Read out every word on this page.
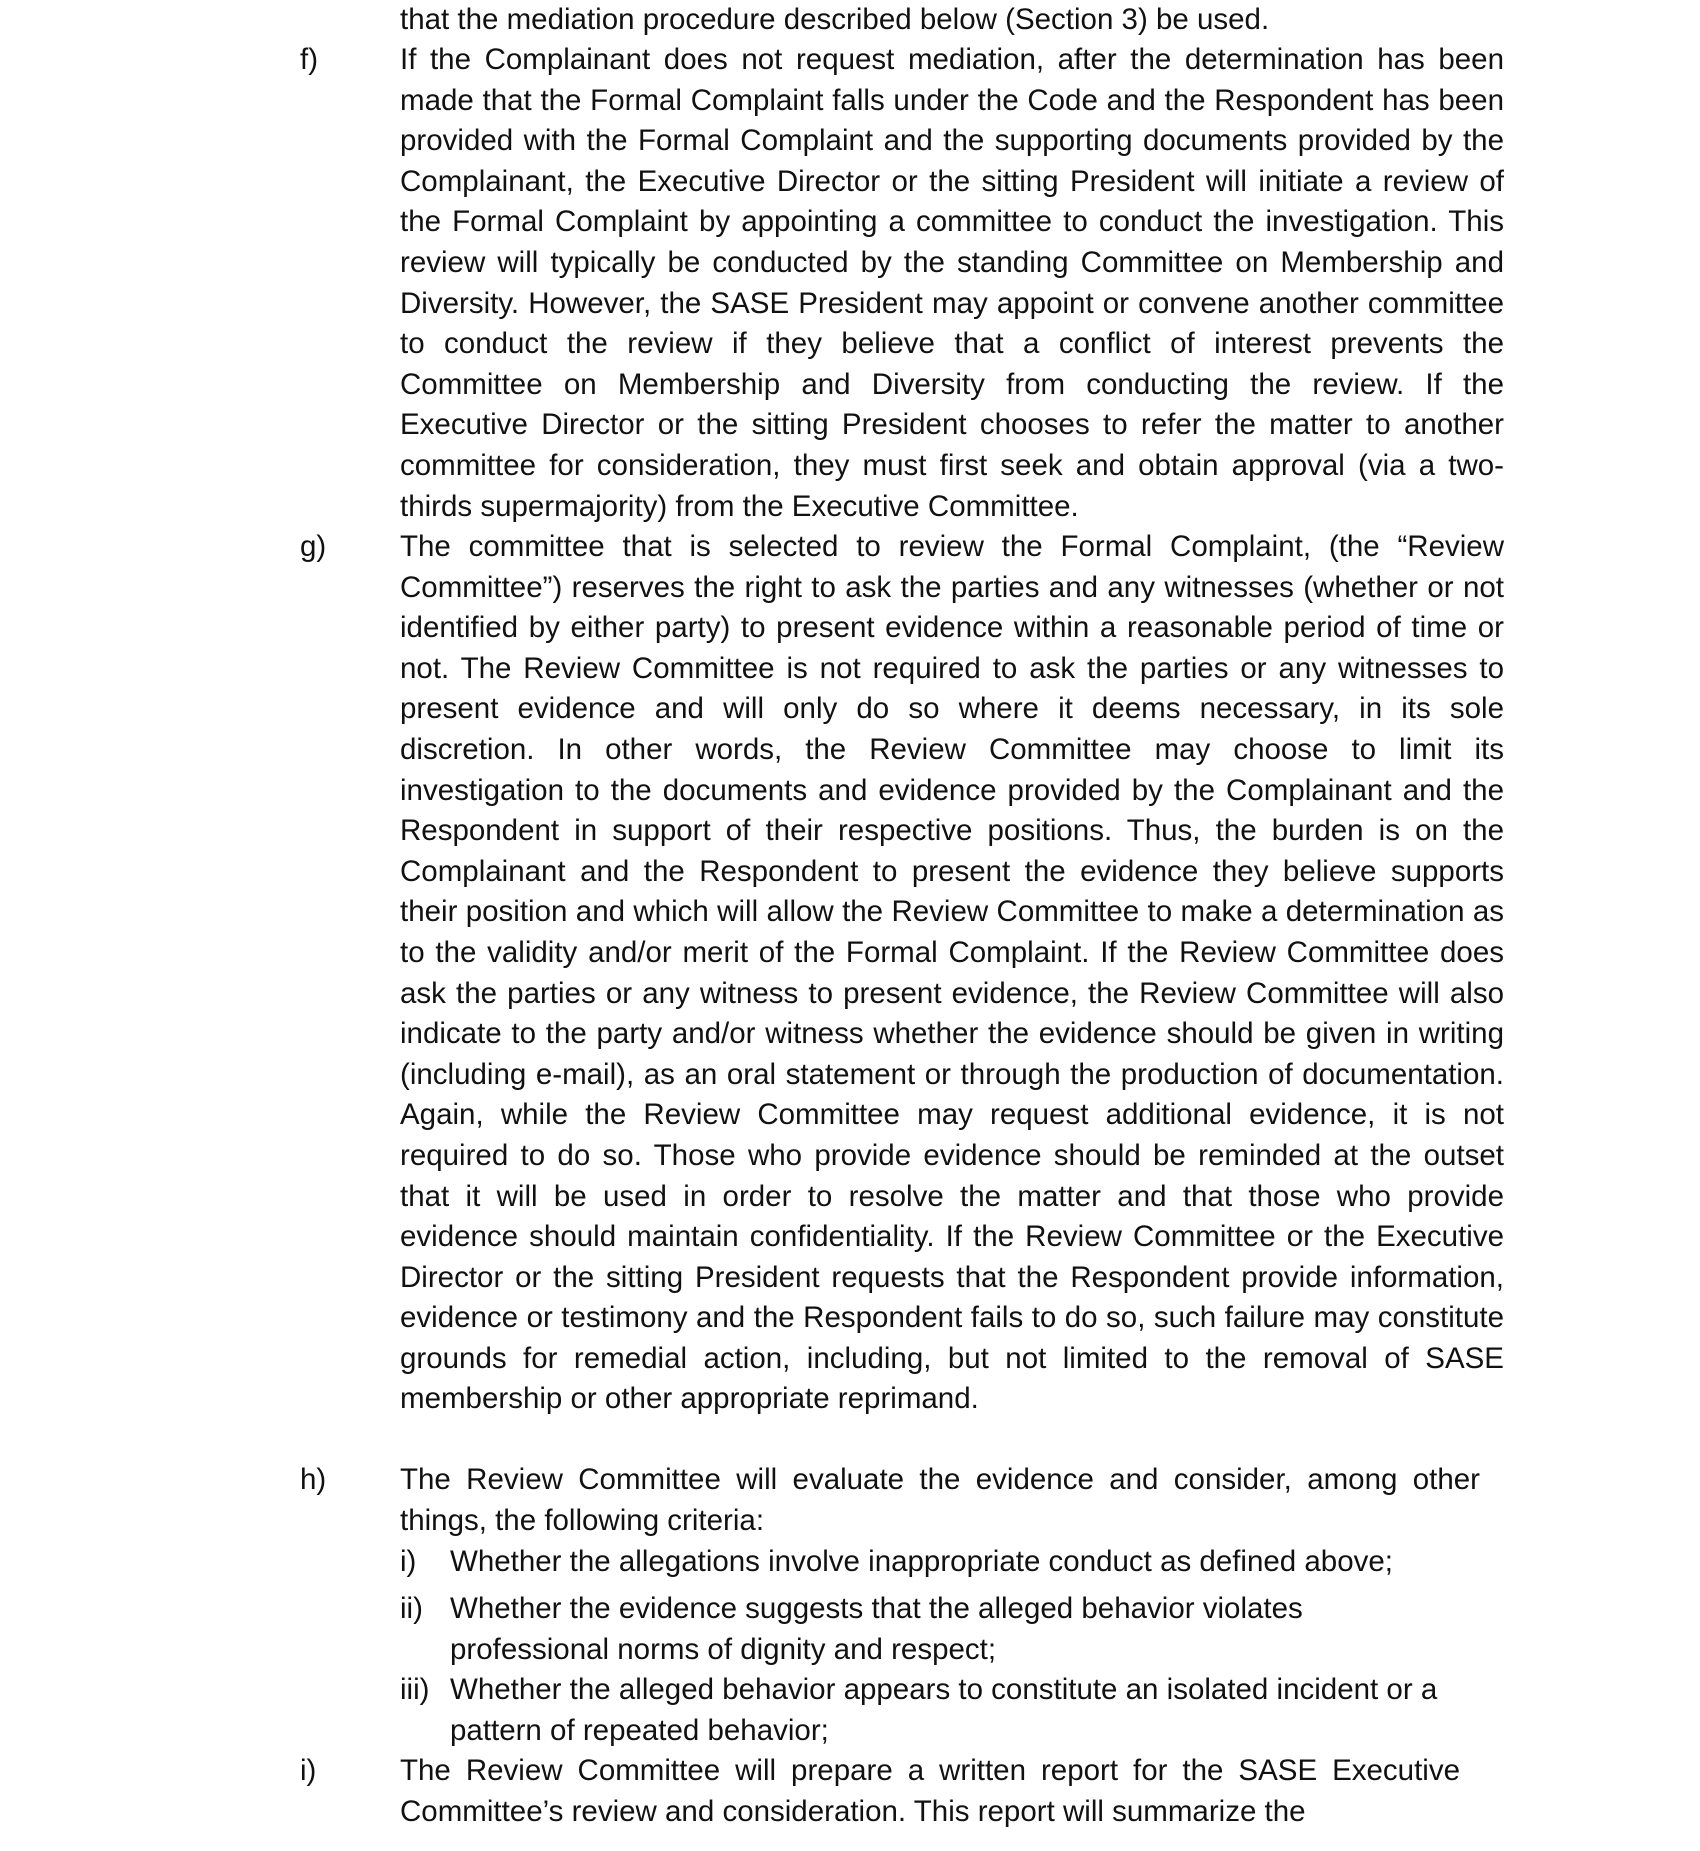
that the mediation procedure described below (Section 3) be used.
f)	If the Complainant does not request mediation, after the determination has been made that the Formal Complaint falls under the Code and the Respondent has been provided with the Formal Complaint and the supporting documents provided by the Complainant, the Executive Director or the sitting President will initiate a review of the Formal Complaint by appointing a committee to conduct the investigation. This review will typically be conducted by the standing Committee on Membership and Diversity. However, the SASE President may appoint or convene another committee to conduct the review if they believe that a conflict of interest prevents the Committee on Membership and Diversity from conducting the review. If the Executive Director or the sitting President chooses to refer the matter to another committee for consideration, they must first seek and obtain approval (via a two-thirds supermajority) from the Executive Committee.
g)	The committee that is selected to review the Formal Complaint, (the “Review Committee”) reserves the right to ask the parties and any witnesses (whether or not identified by either party) to present evidence within a reasonable period of time or not. The Review Committee is not required to ask the parties or any witnesses to present evidence and will only do so where it deems necessary, in its sole discretion. In other words, the Review Committee may choose to limit its investigation to the documents and evidence provided by the Complainant and the Respondent in support of their respective positions. Thus, the burden is on the Complainant and the Respondent to present the evidence they believe supports their position and which will allow the Review Committee to make a determination as to the validity and/or merit of the Formal Complaint. If the Review Committee does ask the parties or any witness to present evidence, the Review Committee will also indicate to the party and/or witness whether the evidence should be given in writing (including e-mail), as an oral statement or through the production of documentation. Again, while the Review Committee may request additional evidence, it is not required to do so. Those who provide evidence should be reminded at the outset that it will be used in order to resolve the matter and that those who provide evidence should maintain confidentiality. If the Review Committee or the Executive Director or the sitting President requests that the Respondent provide information, evidence or testimony and the Respondent fails to do so, such failure may constitute grounds for remedial action, including, but not limited to the removal of SASE membership or other appropriate reprimand.
h)	The Review Committee will evaluate the evidence and consider, among other things, the following criteria:
i) Whether the allegations involve inappropriate conduct as defined above;
ii) Whether the evidence suggests that the alleged behavior violates professional norms of dignity and respect;
iii) Whether the alleged behavior appears to constitute an isolated incident or a pattern of repeated behavior;
i)	The Review Committee will prepare a written report for the SASE Executive Committee’s review and consideration. This report will summarize the
